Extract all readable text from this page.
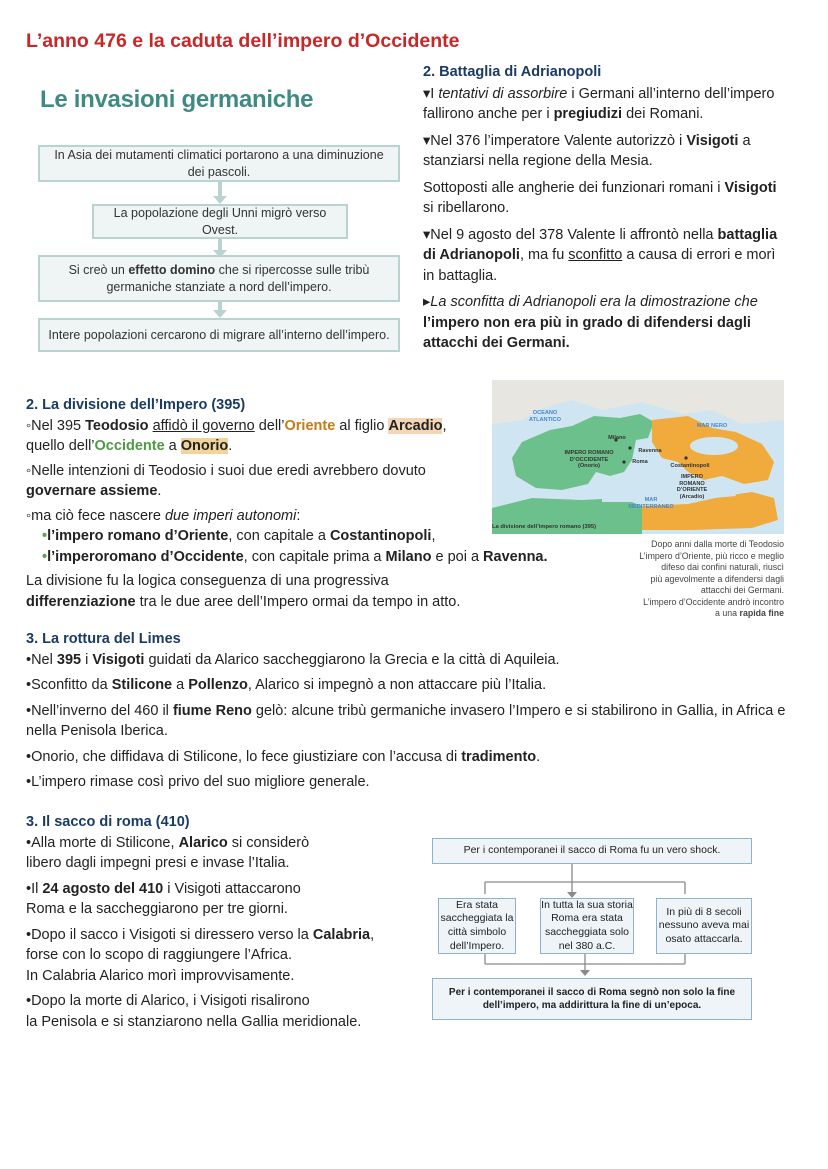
L’anno 476 e la caduta dell’impero d’Occidente
Le invasioni germaniche
In Asia dei mutamenti climatici portarono a una diminuzione dei pascoli.
La popolazione degli Unni migrò verso Ovest.
Si creò un effetto domino che si ripercosse sulle tribù germaniche stanziate a nord dell’impero.
Intere popolazioni cercarono di migrare all’interno dell’impero.
2. Battaglia di Adrianopoli

▾I tentativi di assorbire i Germani all’interno dell’impero fallirono anche per i pregiudizi dei Romani.

▾Nel 376 l’imperatore Valente autorizzò i Visigoti a stanziarsi nella regione della Mesia.

Sottoposti alle angherie dei funzionari romani i Visigoti si ribellarono.

▾Nel 9 agosto del 378 Valente li affrontò nella battaglia di Adrianopoli, ma fu sconfitto a causa di errori e morì in battaglia.

▸La sconfitta di Adrianopoli era la dimostrazione che l’impero non era più in grado di difendersi dagli attacchi dei Germani.

2. La divisione dell’Impero (395)

◦Nel 395 Teodosio affidò il governo dell’Oriente al figlio Arcadio,

quello dell’Occidente a Onorio.

◦Nelle intenzioni di Teodosio i suoi due eredi avrebbero dovuto

governare assieme.

◦ma ciò fece nascere due imperi autonomi:

•l’impero romano d’Oriente, con capitale a Costantinopoli,

•l’imperoromano d’Occidente, con capitale prima a Milano e poi a Ravenna.

La divisione fu la logica conseguenza di una progressiva

differenziazione tra le due aree dell’Impero ormai da tempo in atto.

OCEANO ATLANTICO
IMPERO ROMANO D’OCCIDENTE (Onorio)
Milano
Ravenna
Roma
Costantinopoli
MAR NERO
IMPERO ROMANO D’ORIENTE (Arcadio)
MAR MEDITERRANEO
La divisione dell’impero romano (395)
Dopo anni dalla morte di Teodosio
L’impero d’Oriente, più ricco e meglio
difeso dai confini naturali, riuscì
più agevolmente a difendersi dagli
attacchi dei Germani.
L’impero d’Occidente andrò incontro
a una rapida fine
3. La rottura del Limes

•Nel 395 i Visigoti guidati da Alarico saccheggiarono la Grecia e la città di Aquileia.

•Sconfitto da Stilicone a Pollenzo, Alarico si impegnò a non attaccare più l’Italia.

•Nell’inverno del 460 il fiume Reno gelò: alcune tribù germaniche invasero l’Impero e si stabilirono in Gallia, in Africa e nella Penisola Iberica.

•Onorio, che diffidava di Stilicone, lo fece giustiziare con l’accusa di tradimento.

•L’impero rimase così privo del suo migliore generale.

3. Il sacco di roma (410)

•Alla morte di Stilicone, Alarico si considerò

libero dagli impegni presi e invase l’Italia.

•Il 24 agosto del 410 i Visigoti attaccarono

Roma e la saccheggiarono per tre giorni.

•Dopo il sacco i Visigoti si diressero verso la Calabria,

forse con lo scopo di raggiungere l’Africa.

In Calabria Alarico morì improvvisamente.

•Dopo la morte di Alarico, i Visigoti risalirono

la Penisola e si stanziarono nella Gallia meridionale.

Per i contemporanei il sacco di Roma fu un vero shock.
Era stata saccheggiata la città simbolo dell’Impero.
In tutta la sua storia Roma era stata saccheggiata solo nel 380 a.C.
In più di 8 secoli nessuno aveva mai osato attaccarla.
Per i contemporanei il sacco di Roma segnò non solo la fine dell’impero, ma addirittura la fine di un’epoca.
